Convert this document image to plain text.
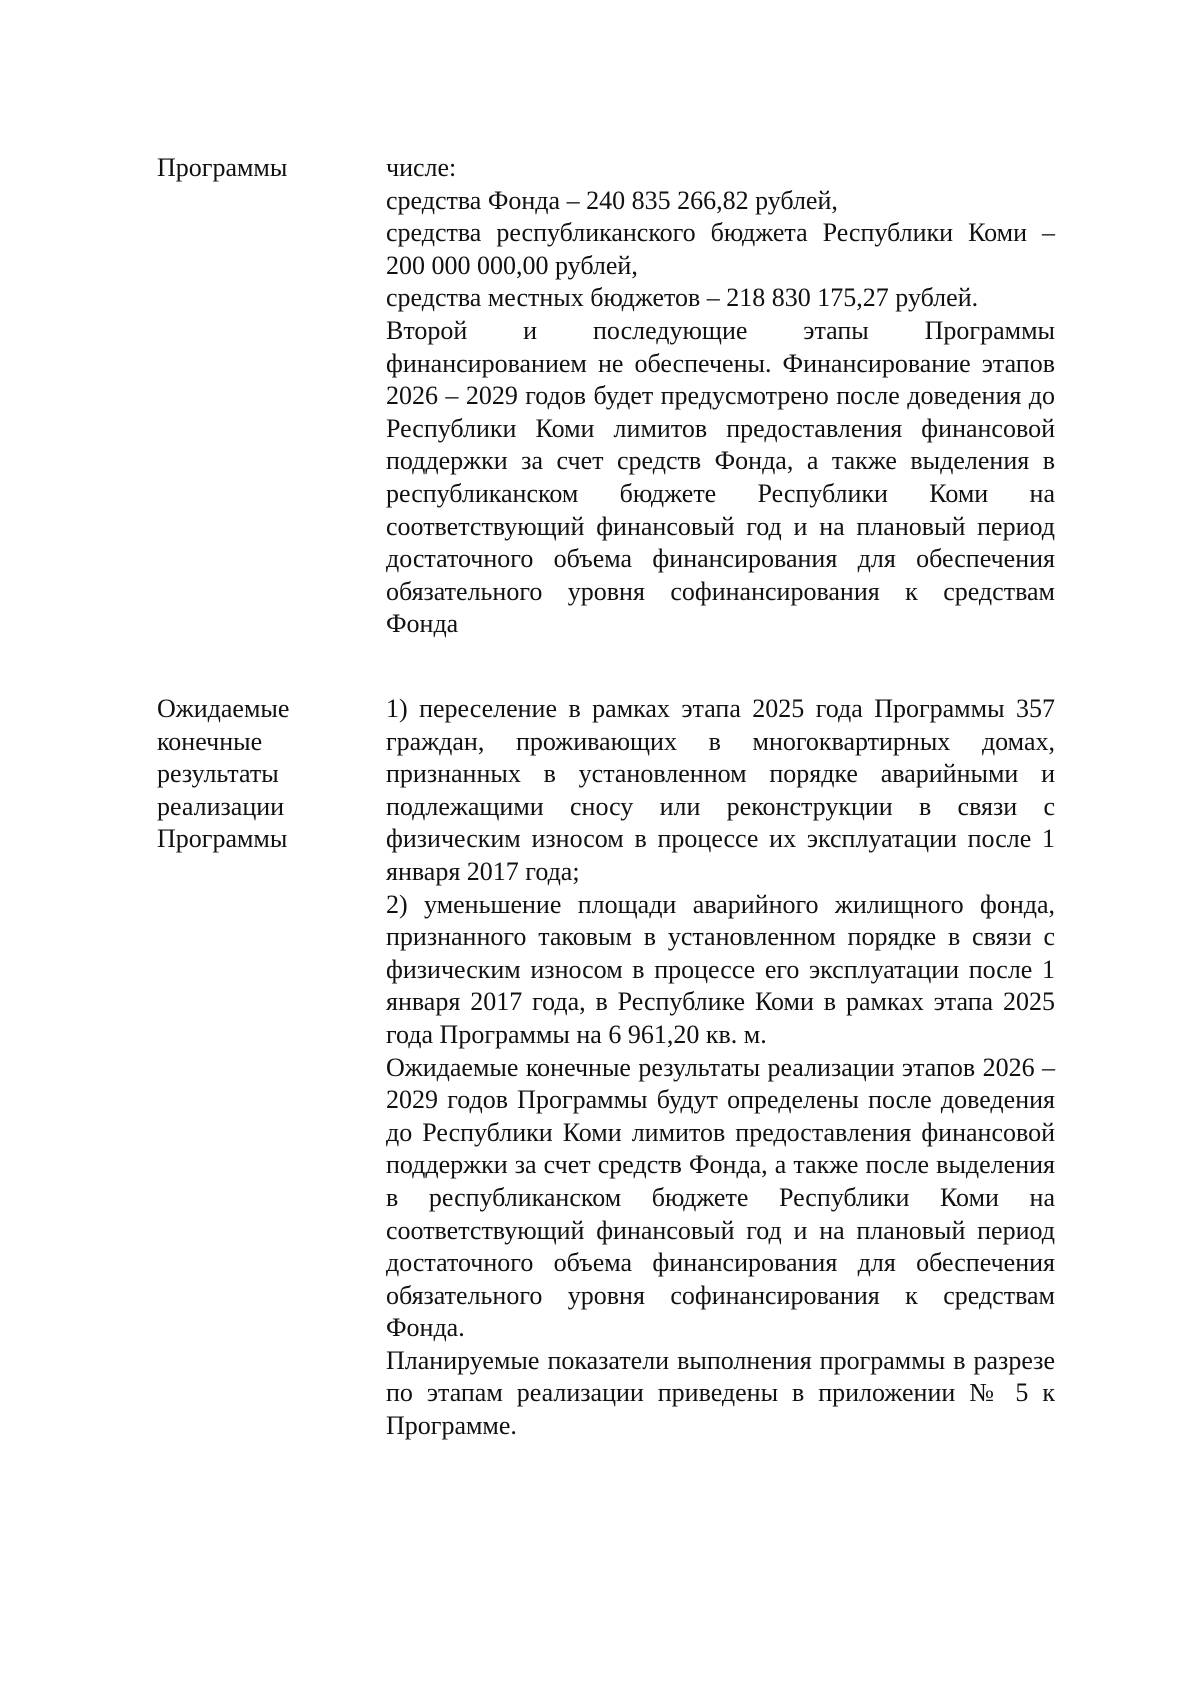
Программы	числе:

средства Фонда – 240 835 266,82 рублей,

средства республиканского бюджета Республики Коми – 200 000 000,00 рублей,

средства местных бюджетов – 218 830 175,27 рублей.

Второй и последующие этапы Программы финансированием не обеспечены. Финансирование этапов 2026 – 2029 годов будет предусмотрено после доведения до Республики Коми лимитов предоставления финансовой поддержки за счет средств Фонда, а также выделения в республиканском бюджете Республики Коми на соответствующий финансовый год и на плановый период достаточного объема финансирования для обеспечения обязательного уровня софинансирования к средствам Фонда

Ожидаемые
конечные
результаты
реализации
Программы

1) переселение в рамках этапа 2025 года Программы 357 граждан, проживающих в многоквартирных домах, признанных в установленном порядке аварийными и подлежащими сносу или реконструкции в связи с физическим износом в процессе их эксплуатации после 1 января 2017 года;

2) уменьшение площади аварийного жилищного фонда, признанного таковым в установленном порядке в связи с физическим износом в процессе его эксплуатации после 1 января 2017 года, в Республике Коми в рамках этапа 2025 года Программы на 6 961,20 кв. м.

Ожидаемые конечные результаты реализации этапов 2026 – 2029 годов Программы будут определены после доведения до Республики Коми лимитов предоставления финансовой поддержки за счет средств Фонда, а также после выделения в республиканском бюджете Республики Коми на соответствующий финансовый год и на плановый период достаточного объема финансирования для обеспечения обязательного уровня софинансирования к средствам Фонда.

Планируемые показатели выполнения программы в разрезе по этапам реализации приведены в приложении № 5 к Программе.
